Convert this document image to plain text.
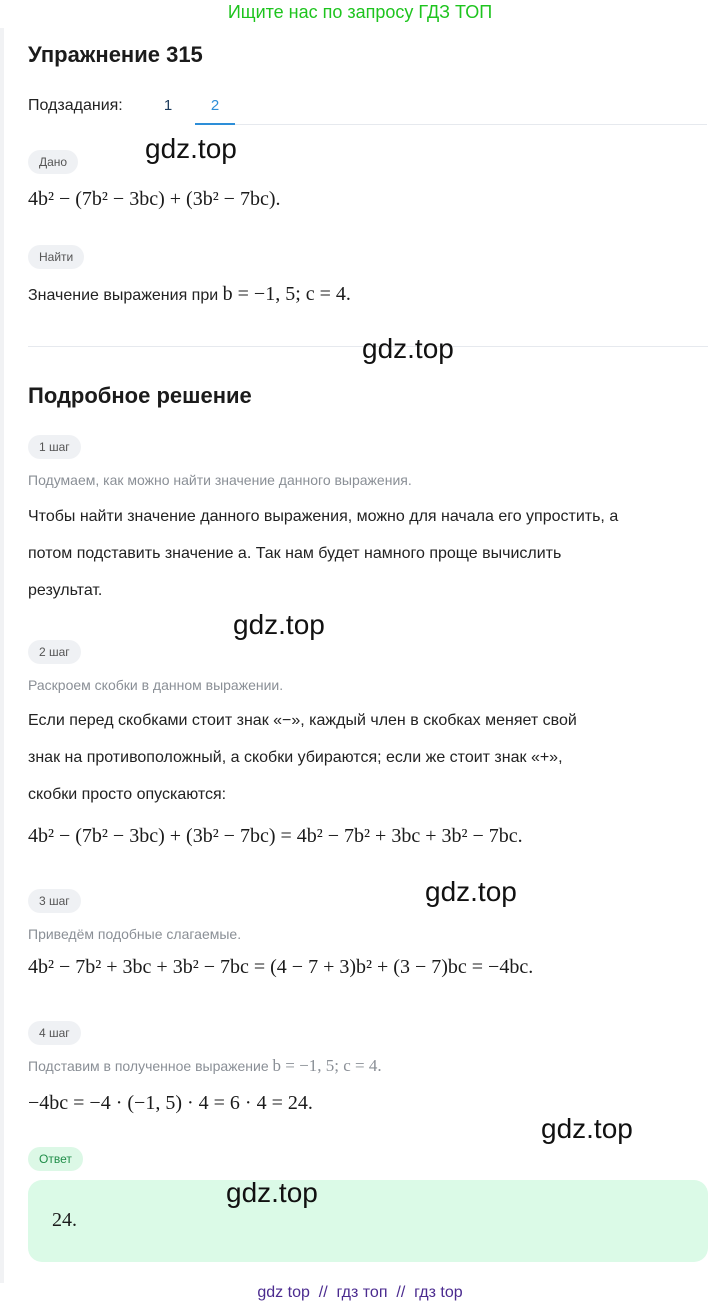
Ищите нас по запросу ГДЗ ТОП
Упражнение 315
Подзадания:	1	2
Дано	gdz.top
4b² − (7b² − 3bc) + (3b² − 7bc).
Найти
Значение выражения при b = −1, 5; c = 4.
gdz.top
Подробное решение
1 шаг
Подумаем, как можно найти значение данного выражения.
Чтобы найти значение данного выражения, можно для начала его упростить, а
потом подставить значение a. Так нам будет намного проще вычислить
результат.
gdz.top
2 шаг
Раскроем скобки в данном выражении.
Если перед скобками стоит знак «−», каждый член в скобках меняет свой
знак на противоположный, а скобки убираются; если же стоит знак «+»,
скобки просто опускаются:
4b² − (7b² − 3bc) + (3b² − 7bc) = 4b² − 7b² + 3bc + 3b² − 7bc.
gdz.top
3 шаг
Приведём подобные слагаемые.
4b² − 7b² + 3bc + 3b² − 7bc = (4 − 7 + 3)b² + (3 − 7)bc = −4bc.
4 шаг
Подставим в полученное выражение b = −1, 5; c = 4.
−4bc = −4 · (−1, 5) · 4 = 6 · 4 = 24.
gdz.top
Ответ
24.
gdz.top
gdz top  //  гдз топ  //  гдз top
